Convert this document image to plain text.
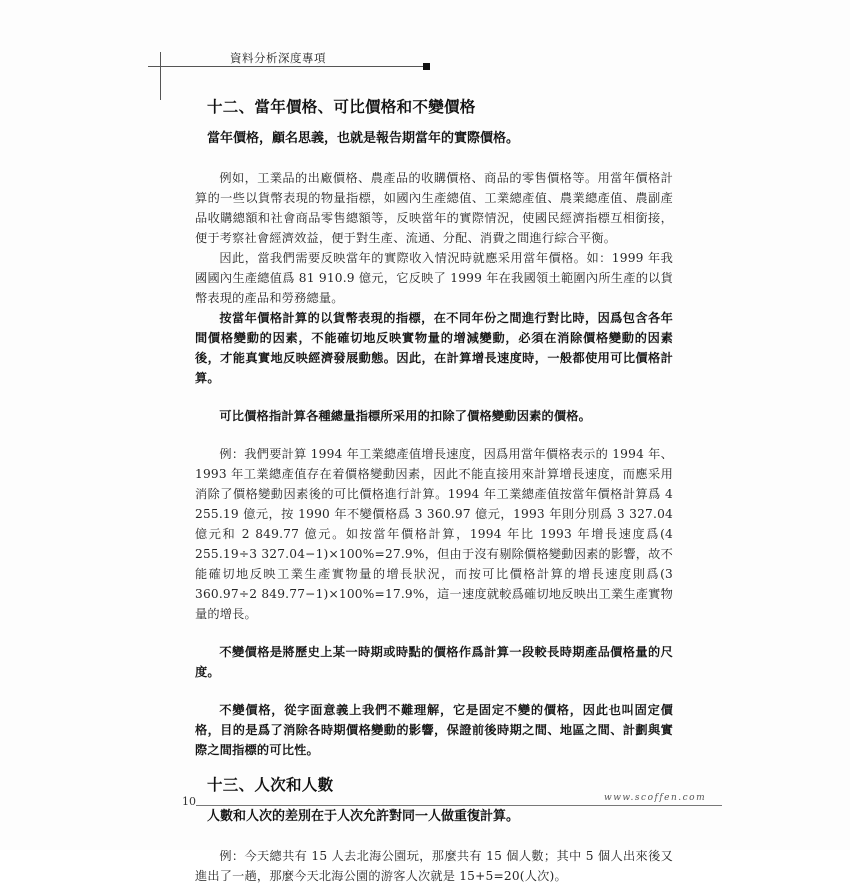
資料分析深度專項
十二、當年價格、可比價格和不變價格

當年價格，顧名思義，也就是報告期當年的實際價格。

例如，工業品的出廠價格、農產品的收購價格、商品的零售價格等。用當年價格計算的一些以貨幣表現的物量指標，如國內生產總值、工業總產值、農業總產值、農副產品收購總額和社會商品零售總額等，反映當年的實際情況，使國民經濟指標互相銜接，便于考察社會經濟效益，便于對生產、流通、分配、消費之間進行綜合平衡。

因此，當我們需要反映當年的實際收入情況時就應采用當年價格。如：1999 年我國國內生產總值爲 81 910.9 億元，它反映了 1999 年在我國領土範圍內所生產的以貨幣表現的產品和勞務總量。

按當年價格計算的以貨幣表現的指標，在不同年份之間進行對比時，因爲包含各年間價格變動的因素，不能確切地反映實物量的增減變動，必須在消除價格變動的因素後，才能真實地反映經濟發展動態。因此，在計算增長速度時，一般都使用可比價格計算。

可比價格指計算各種總量指標所采用的扣除了價格變動因素的價格。

例：我們要計算 1994 年工業總產值增長速度，因爲用當年價格表示的 1994 年、1993 年工業總產值存在着價格變動因素，因此不能直接用來計算增長速度，而應采用消除了價格變動因素後的可比價格進行計算。1994 年工業總產值按當年價格計算爲 4 255.19 億元，按 1990 年不變價格爲 3 360.97 億元，1993 年則分別爲 3 327.04 億元和 2 849.77 億元。如按當年價格計算，1994 年比 1993 年增長速度爲(4 255.19÷3 327.04−1)×100%=27.9%，但由于沒有剔除價格變動因素的影響，故不能確切地反映工業生產實物量的增長狀況，而按可比價格計算的增長速度則爲(3 360.97÷2 849.77−1)×100%=17.9%，這一速度就較爲確切地反映出工業生產實物量的增長。

不變價格是將歷史上某一時期或時點的價格作爲計算一段較長時期產品價格量的尺度。

不變價格，從字面意義上我們不難理解，它是固定不變的價格，因此也叫固定價格，目的是爲了消除各時期價格變動的影響，保證前後時期之間、地區之間、計劃與實際之間指標的可比性。

十三、人次和人數

人數和人次的差別在于人次允許對同一人做重復計算。

例：今天總共有 15 人去北海公園玩，那麼共有 15 個人數；其中 5 個人出來後又進出了一趟，那麼今天北海公園的游客人次就是 15+5=20(人次)。

10	www.scoffen.com
